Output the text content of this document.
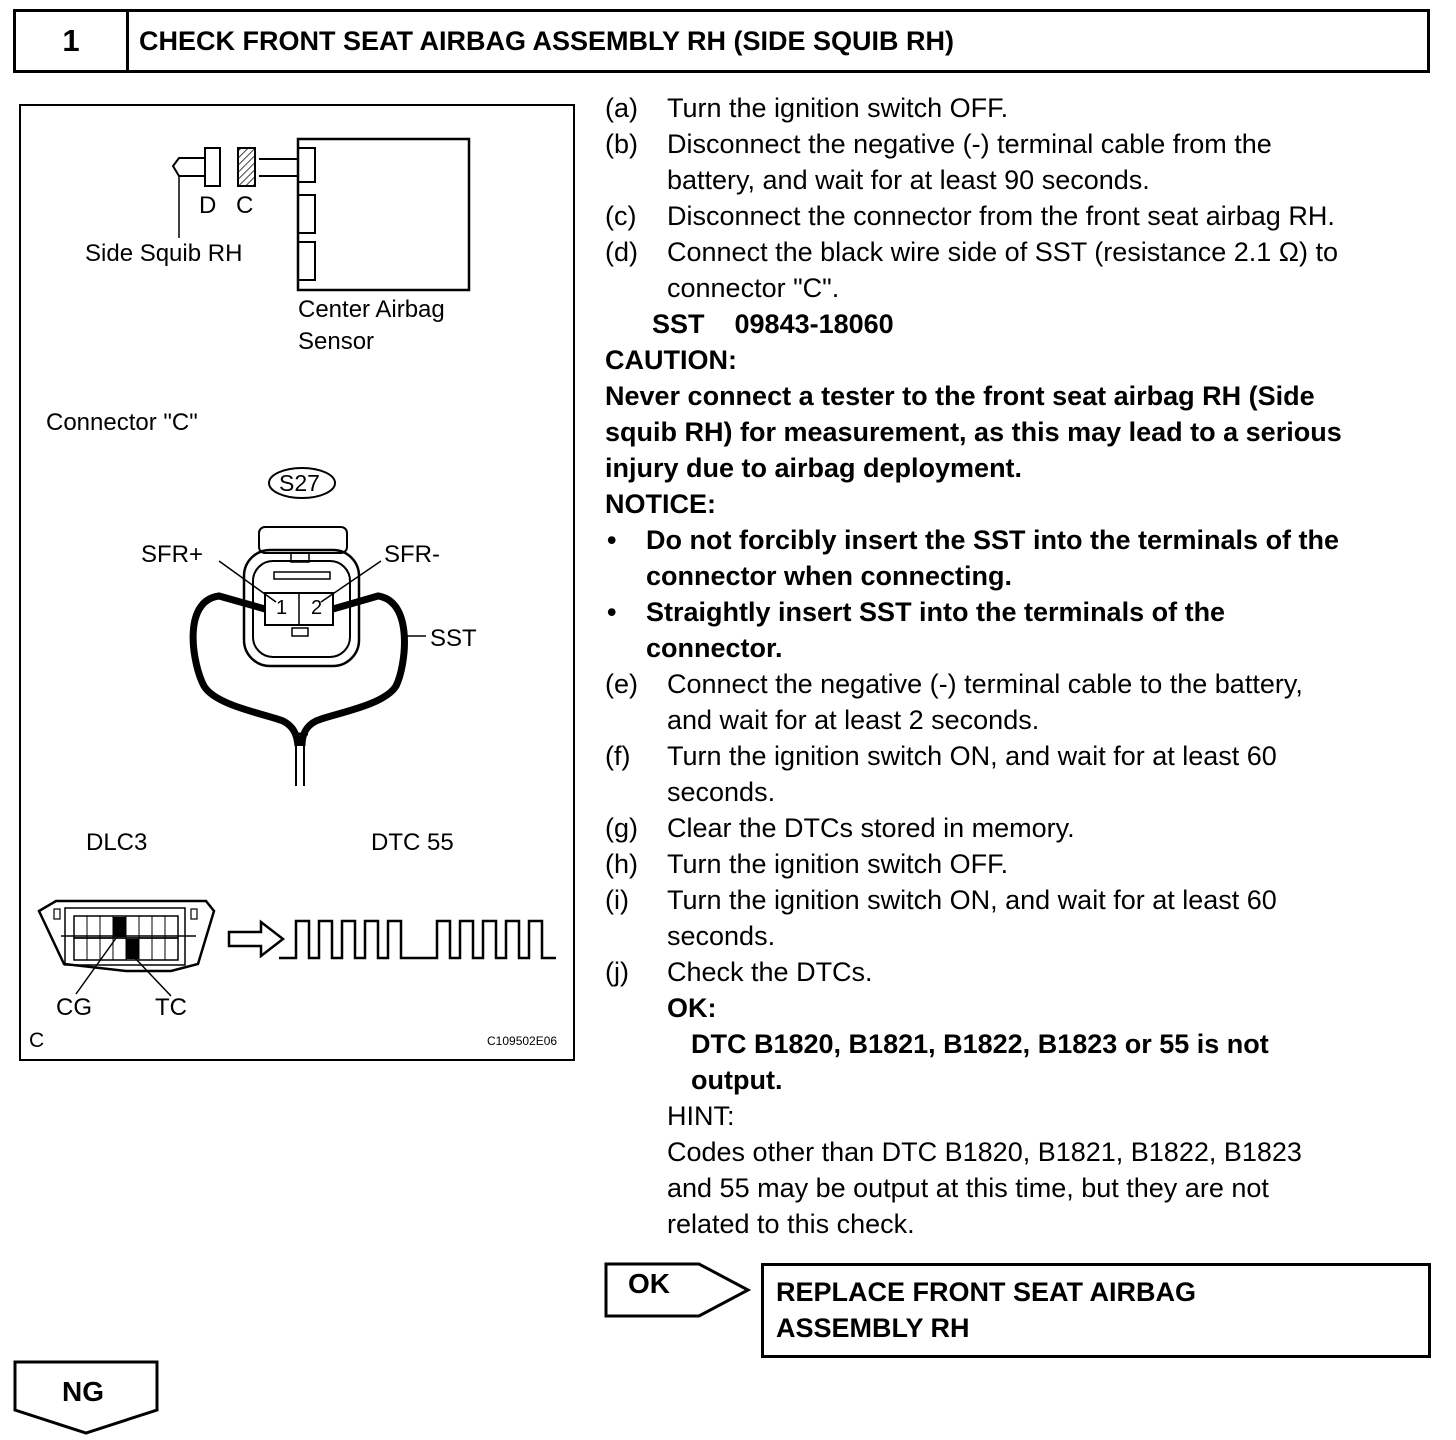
1	CHECK FRONT SEAT AIRBAG ASSEMBLY RH (SIDE SQUIB RH)
D C
Side Squib RH
Center Airbag
Sensor
Connector "C"
S27
SFR+	SFR-
1 2
SST
DLC3	DTC 55
CG	TC
C	C109502E06
(a)	Turn the ignition switch OFF.
(b)	Disconnect the negative (-) terminal cable from the
battery, and wait for at least 90 seconds.
(c)	Disconnect the connector from the front seat airbag RH.
(d)	Connect the black wire side of SST (resistance 2.1 Ω) to
connector "C".
SST    09843-18060
CAUTION:
Never connect a tester to the front seat airbag RH (Side
squib RH) for measurement, as this may lead to a serious
injury due to airbag deployment.
NOTICE:
•	Do not forcibly insert the SST into the terminals of the
connector when connecting.
•	Straightly insert SST into the terminals of the
connector.
(e)	Connect the negative (-) terminal cable to the battery,
and wait for at least 2 seconds.
(f)	Turn the ignition switch ON, and wait for at least 60
seconds.
(g)	Clear the DTCs stored in memory.
(h)	Turn the ignition switch OFF.
(i)	Turn the ignition switch ON, and wait for at least 60
seconds.
(j)	Check the DTCs.
OK:
DTC B1820, B1821, B1822, B1823 or 55 is not
output.
HINT:
Codes other than DTC B1820, B1821, B1822, B1823
and 55 may be output at this time, but they are not
related to this check.
OK	REPLACE FRONT SEAT AIRBAG
ASSEMBLY RH
NG
